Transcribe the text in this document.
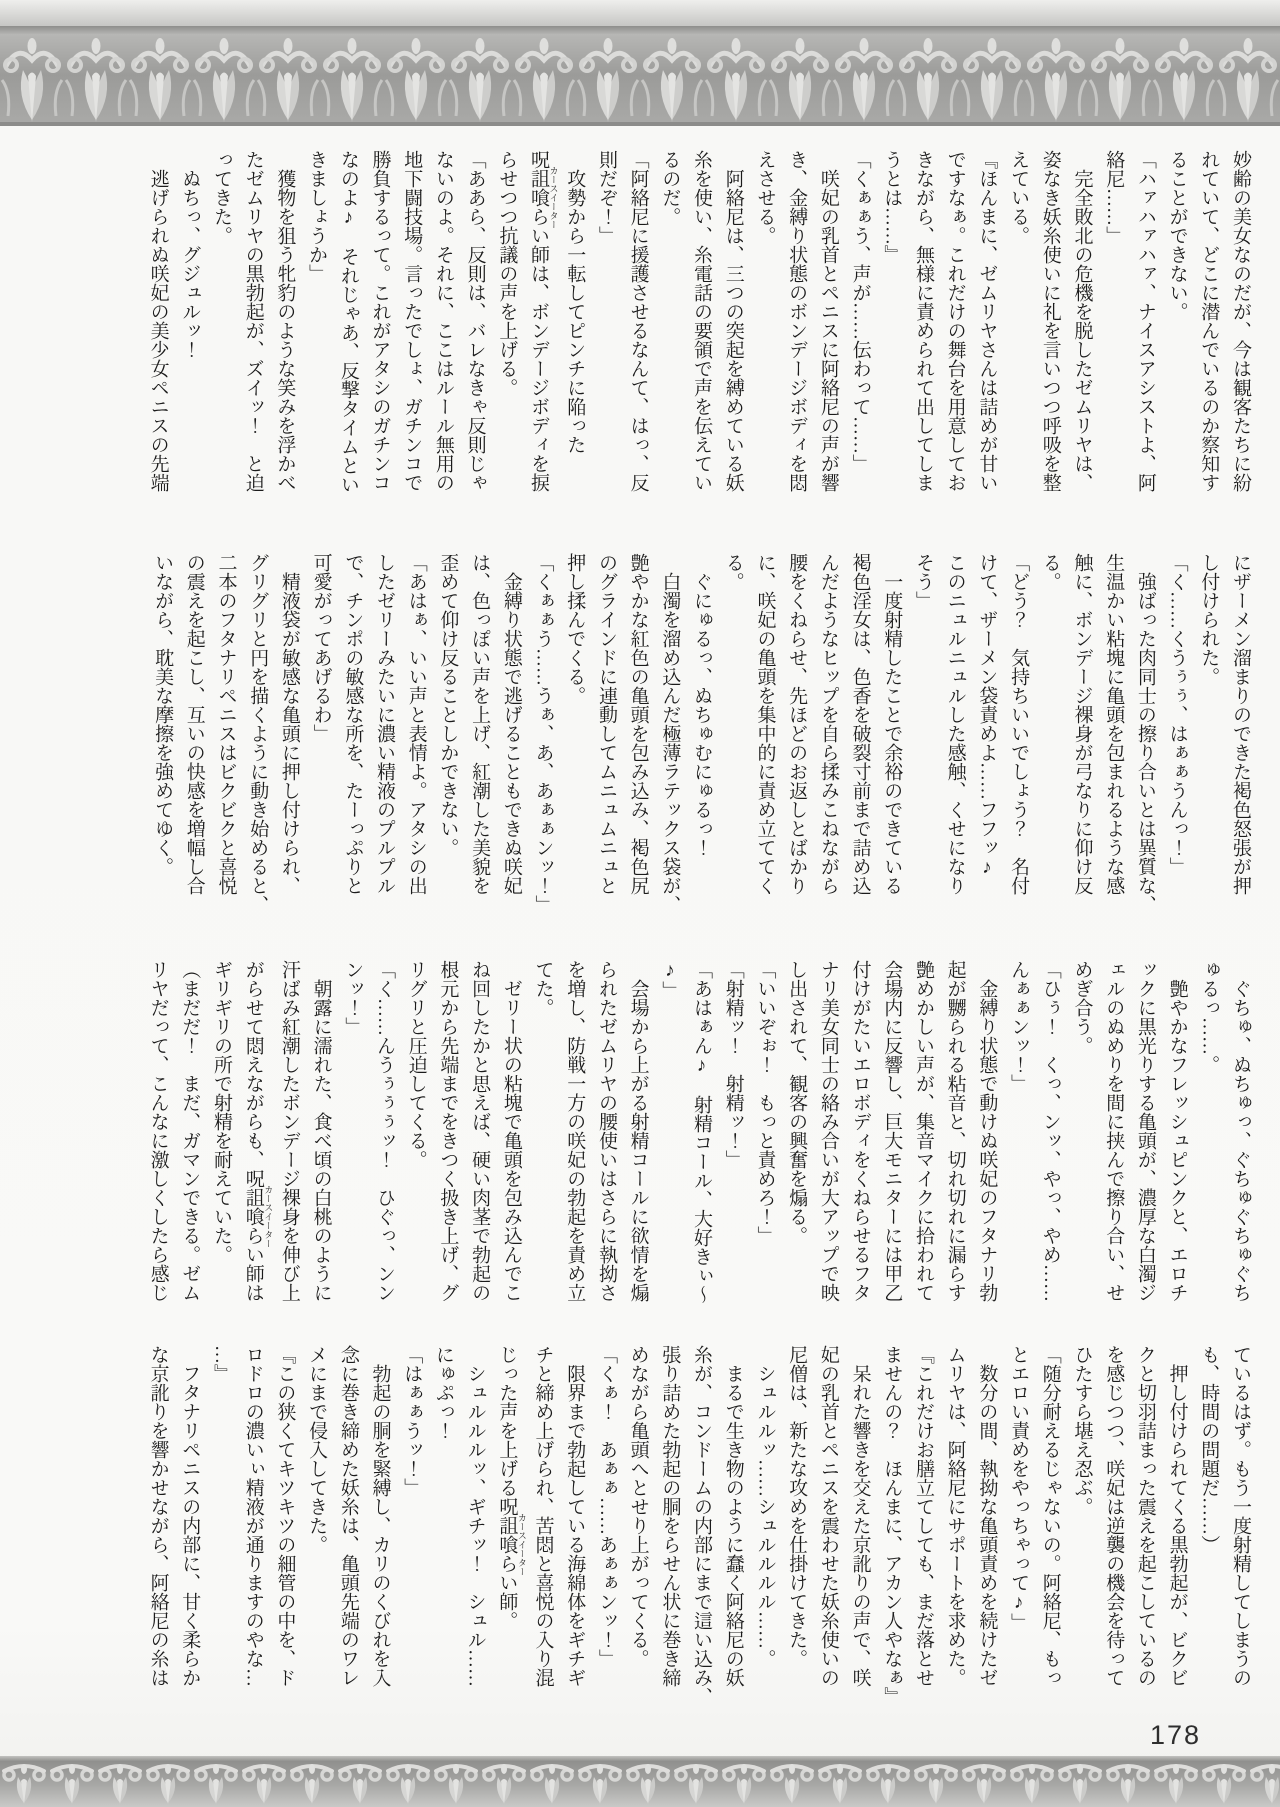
妙齢の美女なのだが、今は観客たちに紛

れていて、どこに潜んでいるのか察知す

ることができない。

「ハァハァハァ、ナイスアシストよ、阿

絡尼……」

　完全敗北の危機を脱したゼムリヤは、

姿なき妖糸使いに礼を言いつつ呼吸を整

えている。

『ほんまに、ゼムリヤさんは詰めが甘い

ですなぁ。これだけの舞台を用意してお

きながら、無様に責められて出してしま

うとは……』

「くぁぁう、声が……伝わって……」

　咲妃の乳首とペニスに阿絡尼の声が響

き、金縛り状態のボンデージボディを悶

えさせる。

　阿絡尼は、三つの突起を縛めている妖

糸を使い、糸電話の要領で声を伝えてい

るのだ。

「阿絡尼に援護させるなんて、はっ、反

則だぞ！」

　攻勢から一転してピンチに陥った

呪詛喰らい カースイーター師は、ボンデージボディを捩

らせつつ抗議の声を上げる。

「ああら、反則は、バレなきゃ反則じゃ

ないのよ。それに、ここはルール無用の

地下闘技場。言ったでしょ、ガチンコで

勝負するって。これがアタシのガチンコ

なのよ♪　それじゃあ、反撃タイムとい

きましょうか」

　獲物を狙う牝豹のような笑みを浮かべ

たゼムリヤの黒勃起が、ズイッ！　と迫

ってきた。

　ぬちっ、グジュルッ！

　逃げられぬ咲妃の美少女ペニスの先端

にザーメン溜まりのできた褐色怒張が押

し付けられた。

「く……くうぅぅ、はぁぁうんっ！」

　強ばった肉同士の擦り合いとは異質な、

生温かい粘塊に亀頭を包まれるような感

触に、ボンデージ裸身が弓なりに仰け反

る。

「どう？　気持ちいいでしょう？　名付

けて、ザーメン袋責めよ……フフッ♪

このニュルニュルした感触、くせになり

そう」

　一度射精したことで余裕のできている

褐色淫女は、色香を破裂寸前まで詰め込

んだようなヒップを自ら揉みこねながら

腰をくねらせ、先ほどのお返しとばかり

に、咲妃の亀頭を集中的に責め立ててく

る。

　ぐにゅるっ、ぬちゅむにゅるっ！

　白濁を溜め込んだ極薄ラテックス袋が、

艶やかな紅色の亀頭を包み込み、褐色尻

のグラインドに連動してムニュムニュと

押し揉んでくる。

「くぁぁう……うぁ、あ、あぁぁンッ！」

　金縛り状態で逃げることもできぬ咲妃

は、色っぽい声を上げ、紅潮した美貌を

歪めて仰け反ることしかできない。

「あはぁ、いい声と表情よ。アタシの出

したゼリーみたいに濃い精液のプルプル

で、チンポの敏感な所を、たーっぷりと

可愛がってあげるわ」

　精液袋が敏感な亀頭に押し付けられ、

グリグリと円を描くように動き始めると、

二本のフタナリペニスはビクビクと喜悦

の震えを起こし、互いの快感を増幅し合

いながら、耽美な摩擦を強めてゆく。

　ぐちゅ、ぬちゅっ、ぐちゅぐちゅぐち

ゅるっ……。

　艶やかなフレッシュピンクと、エロチ

ックに黒光りする亀頭が、濃厚な白濁ジ

ェルのぬめりを間に挟んで擦り合い、せ

めぎ合う。

「ひぅ！　くっ、ンッ、やっ、やめ……

んぁぁンッ！」

　金縛り状態で動けぬ咲妃のフタナリ勃

起が嬲られる粘音と、切れ切れに漏らす

艶めかしい声が、集音マイクに拾われて

会場内に反響し、巨大モニターには甲乙

付けがたいエロボディをくねらせるフタ

ナリ美女同士の絡み合いが大アップで映

し出されて、観客の興奮を煽る。

「いいぞぉ！　もっと責めろ！」

「射精ッ！　射精ッ！」

「あはぁん♪　射精コール、大好きぃ〜

♪」

　会場から上がる射精コールに欲情を煽

られたゼムリヤの腰使いはさらに執拗さ

を増し、防戦一方の咲妃の勃起を責め立

てた。

　ゼリー状の粘塊で亀頭を包み込んでこ

ね回したかと思えば、硬い肉茎で勃起の

根元から先端までをきつく扱き上げ、グ

リグリと圧迫してくる。

「く……んうぅぅぅッ！　ひぐっ、ンン

ンッ！」

　朝露に濡れた、食べ頃の白桃のように

汗ばみ紅潮したボンデージ裸身を伸び上

がらせて悶えながらも、呪詛喰らい カースイーター師は

ギリギリの所で射精を耐えていた。

（まだだ！　まだ、ガマンできる。ゼム

リヤだって、こんなに激しくしたら感じ

ているはず。もう一度射精してしまうの

も、時間の問題だ……）

　押し付けられてくる黒勃起が、ビクビ

クと切羽詰まった震えを起こしているの

を感じつつ、咲妃は逆襲の機会を待って

ひたすら堪え忍ぶ。

「随分耐えるじゃないの。阿絡尼、もっ

とエロい責めをやっちゃって♪」

　数分の間、執拗な亀頭責めを続けたゼ

ムリヤは、阿絡尼にサポートを求めた。

『これだけお膳立てしても、まだ落とせ

ませんの？　ほんまに、アカン人やなぁ』

　呆れた響きを交えた京訛りの声で、咲

妃の乳首とペニスを震わせた妖糸使いの

尼僧は、新たな攻めを仕掛けてきた。

　シュルルッ……シュルルルル……。

　まるで生き物のように蠢く阿絡尼の妖

糸が、コンドームの内部にまで這い込み、

張り詰めた勃起の胴をらせん状に巻き締

めながら亀頭へとせり上がってくる。

「くぁ！　あぁぁ……あぁぁンッ！」

　限界まで勃起している海綿体をギチギ

チと締め上げられ、苦悶と喜悦の入り混

じった声を上げる呪詛喰らい カースイーター師。

　シュルルルッ、ギチッ！　シュル……

にゅぷっ！

「はぁぁうッ！」

　勃起の胴を緊縛し、カリのくびれを入

念に巻き締めた妖糸は、亀頭先端のワレ

メにまで侵入してきた。

『この狭くてキツキツの細管の中を、ド

ロドロの濃いぃ精液が通りますのやな…

…』

　フタナリペニスの内部に、甘く柔らか

な京訛りを響かせながら、阿絡尼の糸は

178
